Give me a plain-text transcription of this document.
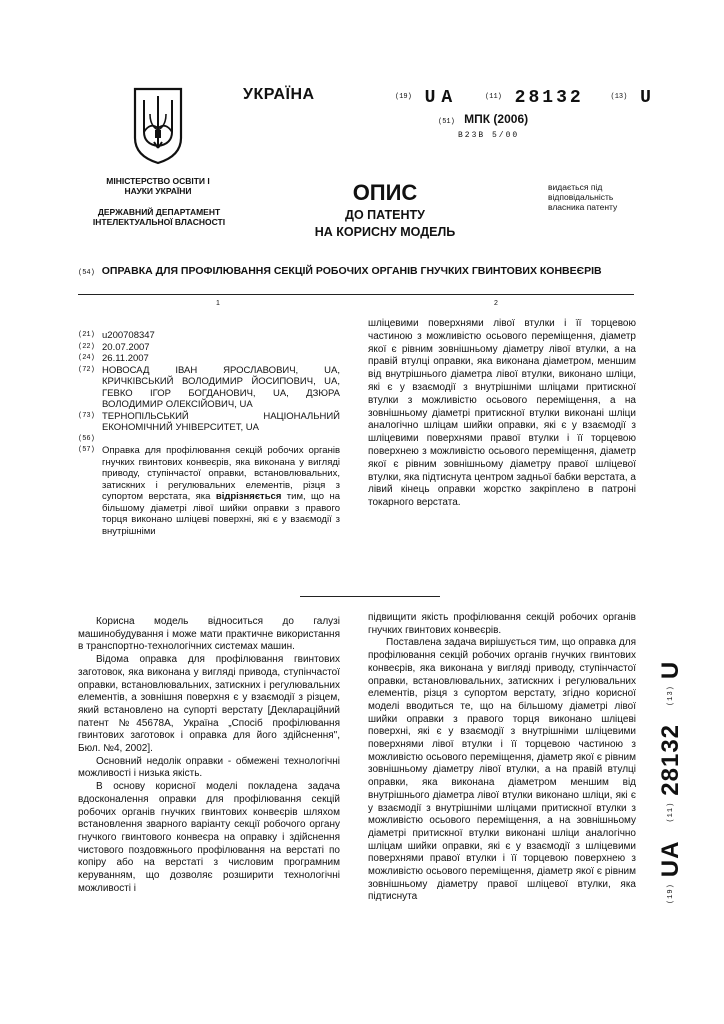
УКРАЇНА	(19) UA	(11) 28132	(13) U
(51) МПК (2006)
B23B 5/00
МІНІСТЕРСТВО ОСВІТИ І НАУКИ УКРАЇНИ
ДЕРЖАВНИЙ ДЕПАРТАМЕНТ ІНТЕЛЕКТУАЛЬНОЇ ВЛАСНОСТІ
ОПИС
ДО ПАТЕНТУ
НА КОРИСНУ МОДЕЛЬ
видається під відповідальність власника патенту
(54) ОПРАВКА ДЛЯ ПРОФІЛЮВАННЯ СЕКЦІЙ РОБОЧИХ ОРГАНІВ ГНУЧКИХ ГВИНТОВИХ КОНВЕЄРІВ
1	2
(21) u200708347
(22) 20.07.2007
(24) 26.11.2007
(72) НОВОСАД ІВАН ЯРОСЛАВОВИЧ, UA, КРИЧКІВСЬКИЙ ВОЛОДИМИР ЙОСИПОВИЧ, UA, ГЕВКО ІГОР БОГДАНОВИЧ, UA, ДЗЮРА ВОЛОДИМИР ОЛЕКСІЙОВИЧ, UA
(73) ТЕРНОПІЛЬСЬКИЙ НАЦІОНАЛЬНИЙ ЕКОНОМІЧНИЙ УНІВЕРСИТЕТ, UA
(56)
(57) Оправка для профілювання секцій робочих органів гнучких гвинтових конвеєрів, яка виконана у вигляді приводу, ступінчастої оправки, встановлювальних, затискних і регулювальних елементів, різця з супортом верстата, яка відрізняється тим, що на більшому діаметрі лівої шийки оправки з правого торця виконано шліцеві поверхні, які є у взаємодії з внутрішніми
шліцевими поверхнями лівої втулки і її торцевою частиною з можливістю осьового переміщення, діаметр якої є рівним зовнішньому діаметру лівої втулки, а на правій втулці оправки, яка виконана діаметром, меншим від внутрішнього діаметра лівої втулки, виконано шліци, які є у взаємодії з внутрішніми шліцами притискної втулки з можливістю осьового переміщення, а на зовнішньому діаметрі притискної втулки виконані шліци аналогічно шліцам шийки оправки, які є у взаємодії з шліцевими поверхнями правої втулки і її торцевою поверхнею з можливістю осьового переміщення, діаметр якої є рівним зовнішньому діаметру правої шліцевої втулки, яка підтиснута центром задньої бабки верстата, а лівий кінець оправки жорстко закріплено в патроні токарного верстата.

Корисна модель відноситься до галузі машинобудування і може мати практичне використання в транспортно-технологічних системах машин.

Відома оправка для профілювання гвинтових заготовок, яка виконана у вигляді привода, ступінчастої оправки, встановлювальних, затискних і регулювальних елементів, а зовнішня поверхня є у взаємодії з різцем, який встановлено на супорті верстату [Деклараційний патент №45678А, Україна „Спосіб профілювання гвинтових заготовок і оправка для його здійснення", Бюл. №4, 2002].

Основний недолік оправки - обмежені технологічні можливості і низька якість.

В основу корисної моделі покладена задача вдосконалення оправки для профілювання секцій робочих органів гнучких гвинтових конвеєрів шляхом встановлення зварного варіанту секції робочого органу гнучкого гвинтового конвеєра на оправку і здійснення чистового поздовжнього профілювання на верстаті по копіру або на верстаті з числовим програмним керуванням, що дозволяє розширити технологічні можливості і

підвищити якість профілювання секцій робочих органів гнучких гвинтових конвеєрів.

Поставлена задача вирішується тим, що оправка для профілювання секцій робочих органів гнучких гвинтових конвеєрів, яка виконана у вигляді приводу, ступінчастої оправки, встановлювальних, затискних і регулювальних елементів, різця з супортом верстату, згідно корисної моделі вводиться те, що на більшому діаметрі лівої шийки оправки з правого торця виконано шліцеві поверхні, які є у взаємодії з внутрішніми шліцевими поверхнями лівої втулки і її торцевою частиною з можливістю осьового переміщення, діаметр якої є рівним зовнішньому діаметру лівої втулки, а на правій втулці оправки, яка виконана діаметром меншим від внутрішнього діаметра лівої втулки виконано шліци, які є у взаємодії з внутрішніми шліцами притискної втулки з можливістю осьового переміщення, а на зовнішньому діаметрі притискної втулки виконані шліци аналогічно шліцам шийки оправки, які є у взаємодії з шліцевими поверхнями правої втулки і її торцевою поверхнею з можливістю осьового переміщення, діаметр якої є рівним зовнішньому діаметру правої шліцевої втулки, яка підтиснута	(19)
UA
(11)
28132
(13)
U
